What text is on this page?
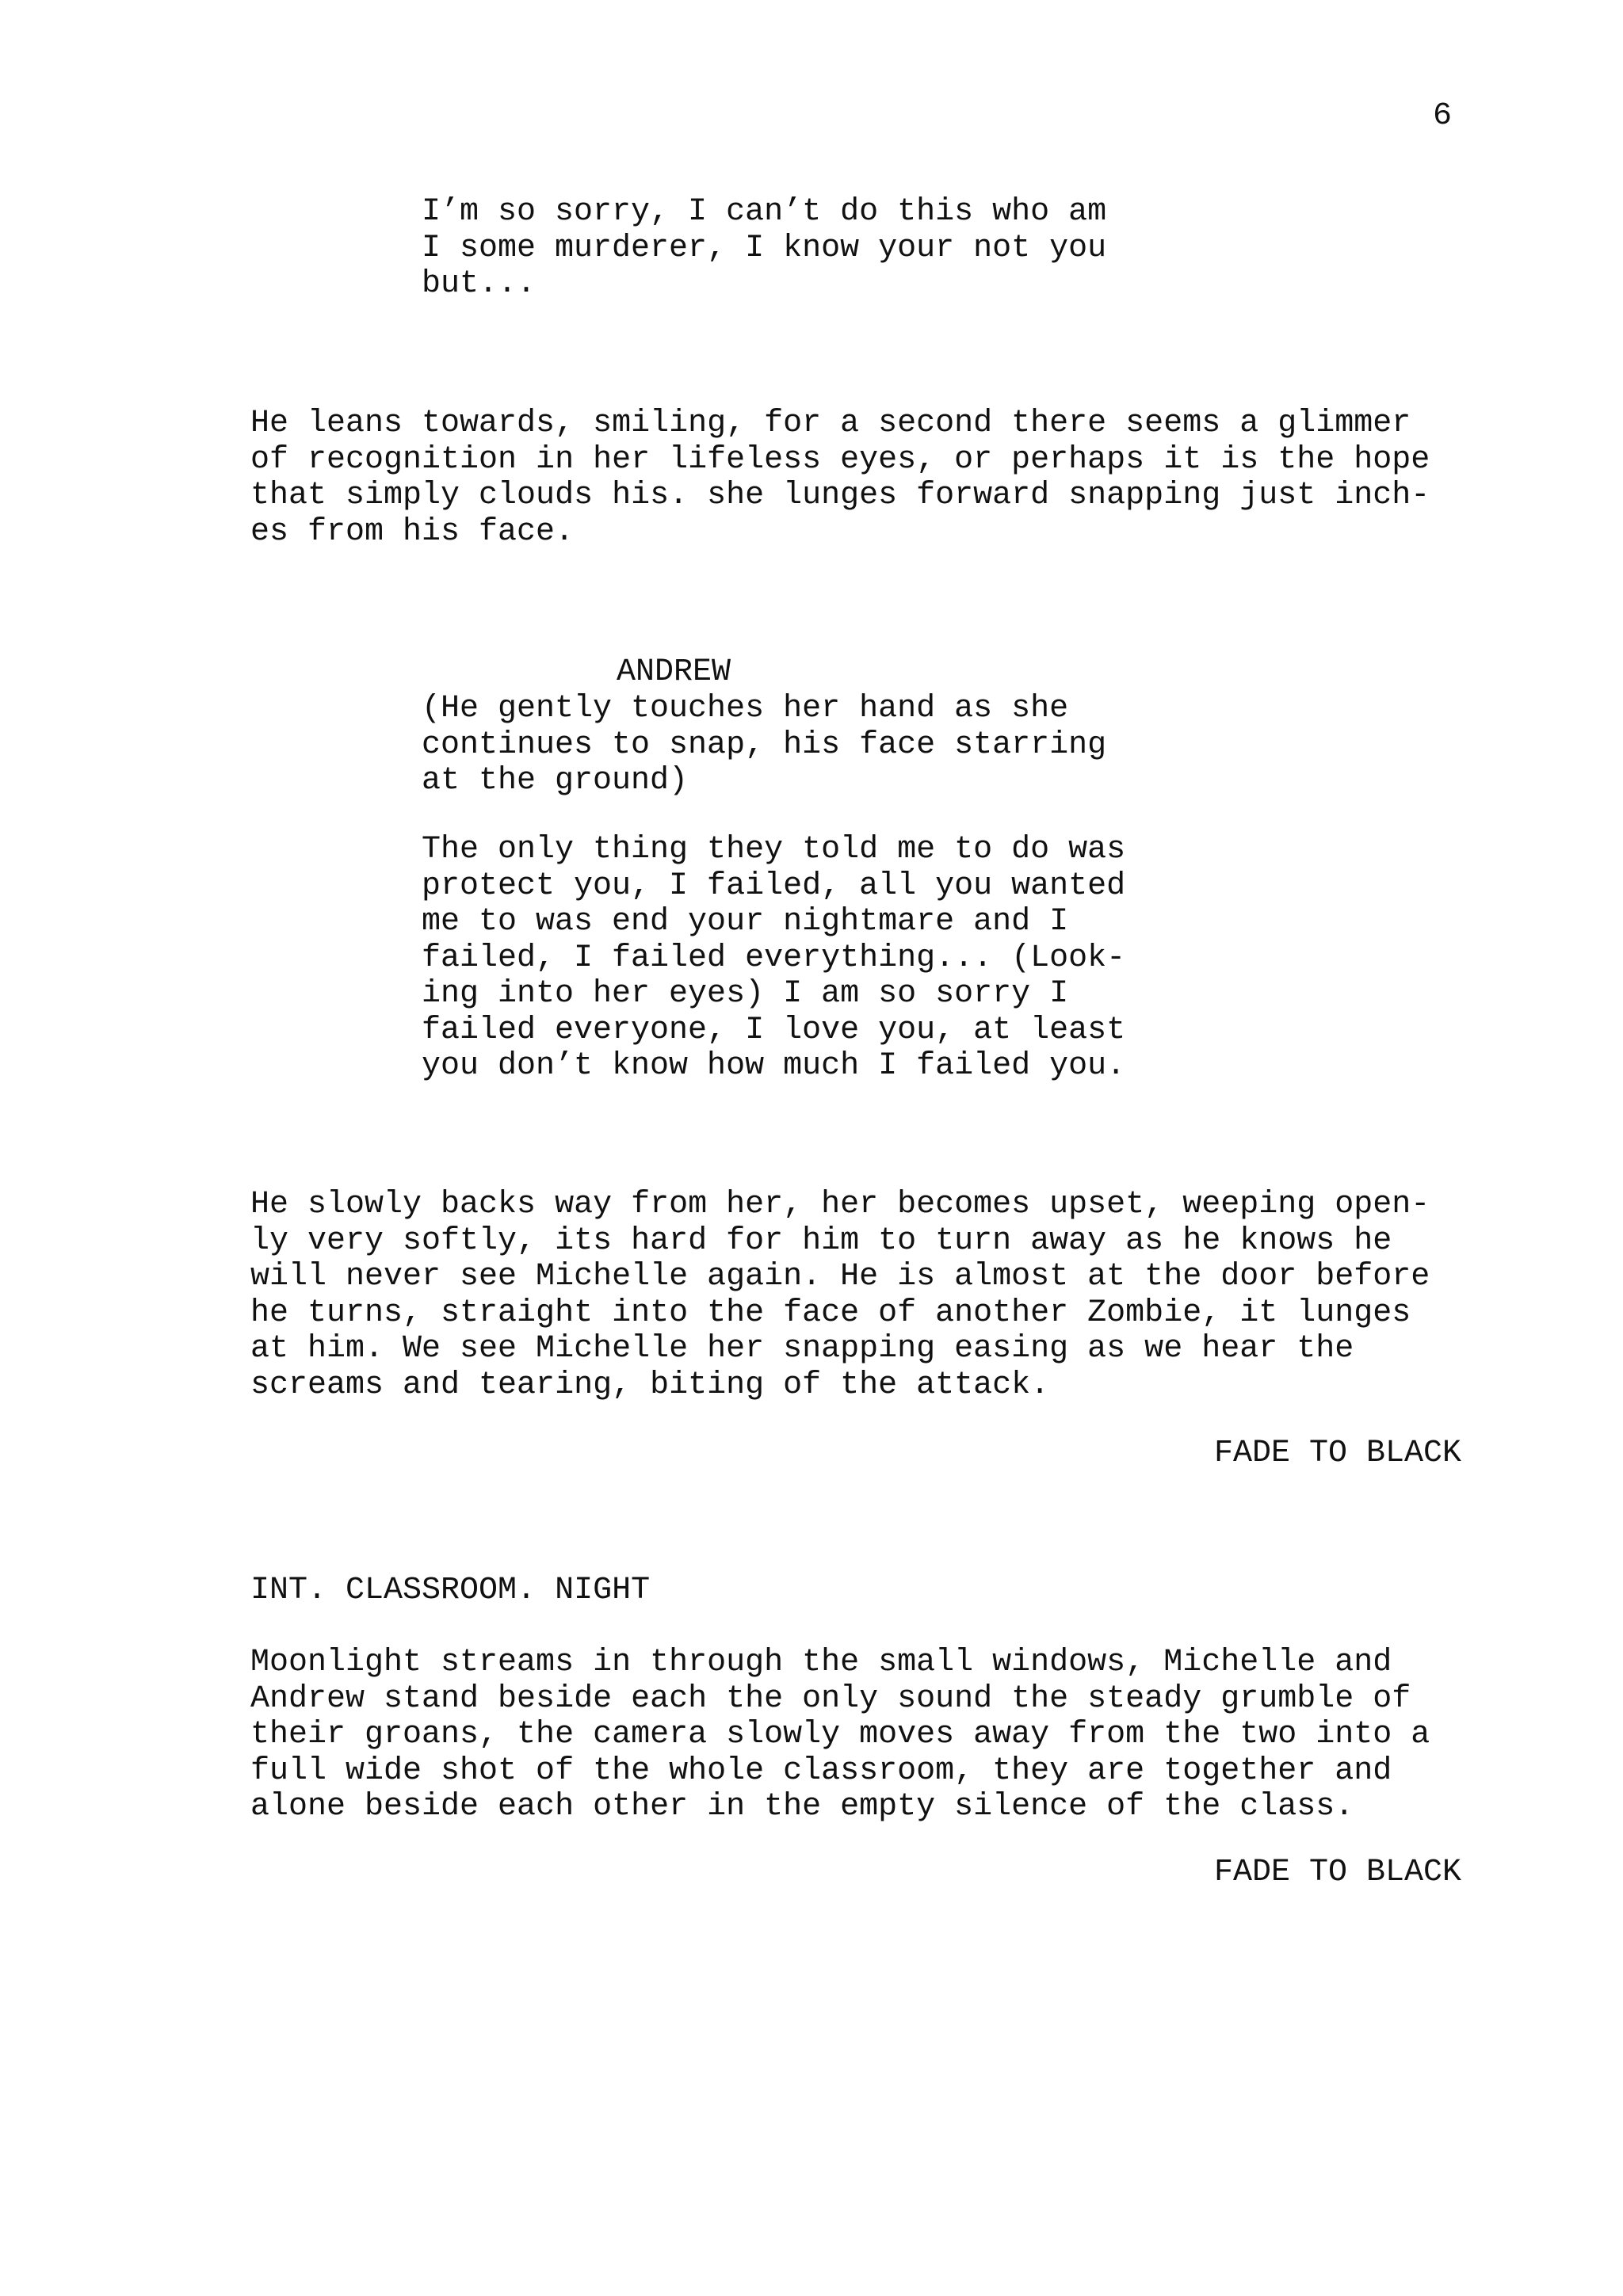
6
I’m so sorry, I can’t do this who am
I some murderer, I know your not you
but...
He leans towards, smiling, for a second there seems a glimmer
of recognition in her lifeless eyes, or perhaps it is the hope
that simply clouds his. she lunges forward snapping just inch-
es from his face.
ANDREW
(He gently touches her hand as she
continues to snap, his face starring
at the ground)
The only thing they told me to do was
protect you, I failed, all you wanted
me to was end your nightmare and I
failed, I failed everything... (Look-
ing into her eyes) I am so sorry I
failed everyone, I love you, at least
you don’t know how much I failed you.
He slowly backs way from her, her becomes upset, weeping open-
ly very softly, its hard for him to turn away as he knows he
will never see Michelle again. He is almost at the door before
he turns, straight into the face of another Zombie, it lunges
at him. We see Michelle her snapping easing as we hear the
screams and tearing, biting of the attack.
FADE TO BLACK
INT. CLASSROOM. NIGHT
Moonlight streams in through the small windows, Michelle and
Andrew stand beside each the only sound the steady grumble of
their groans, the camera slowly moves away from the two into a
full wide shot of the whole classroom, they are together and
alone beside each other in the empty silence of the class.
FADE TO BLACK
